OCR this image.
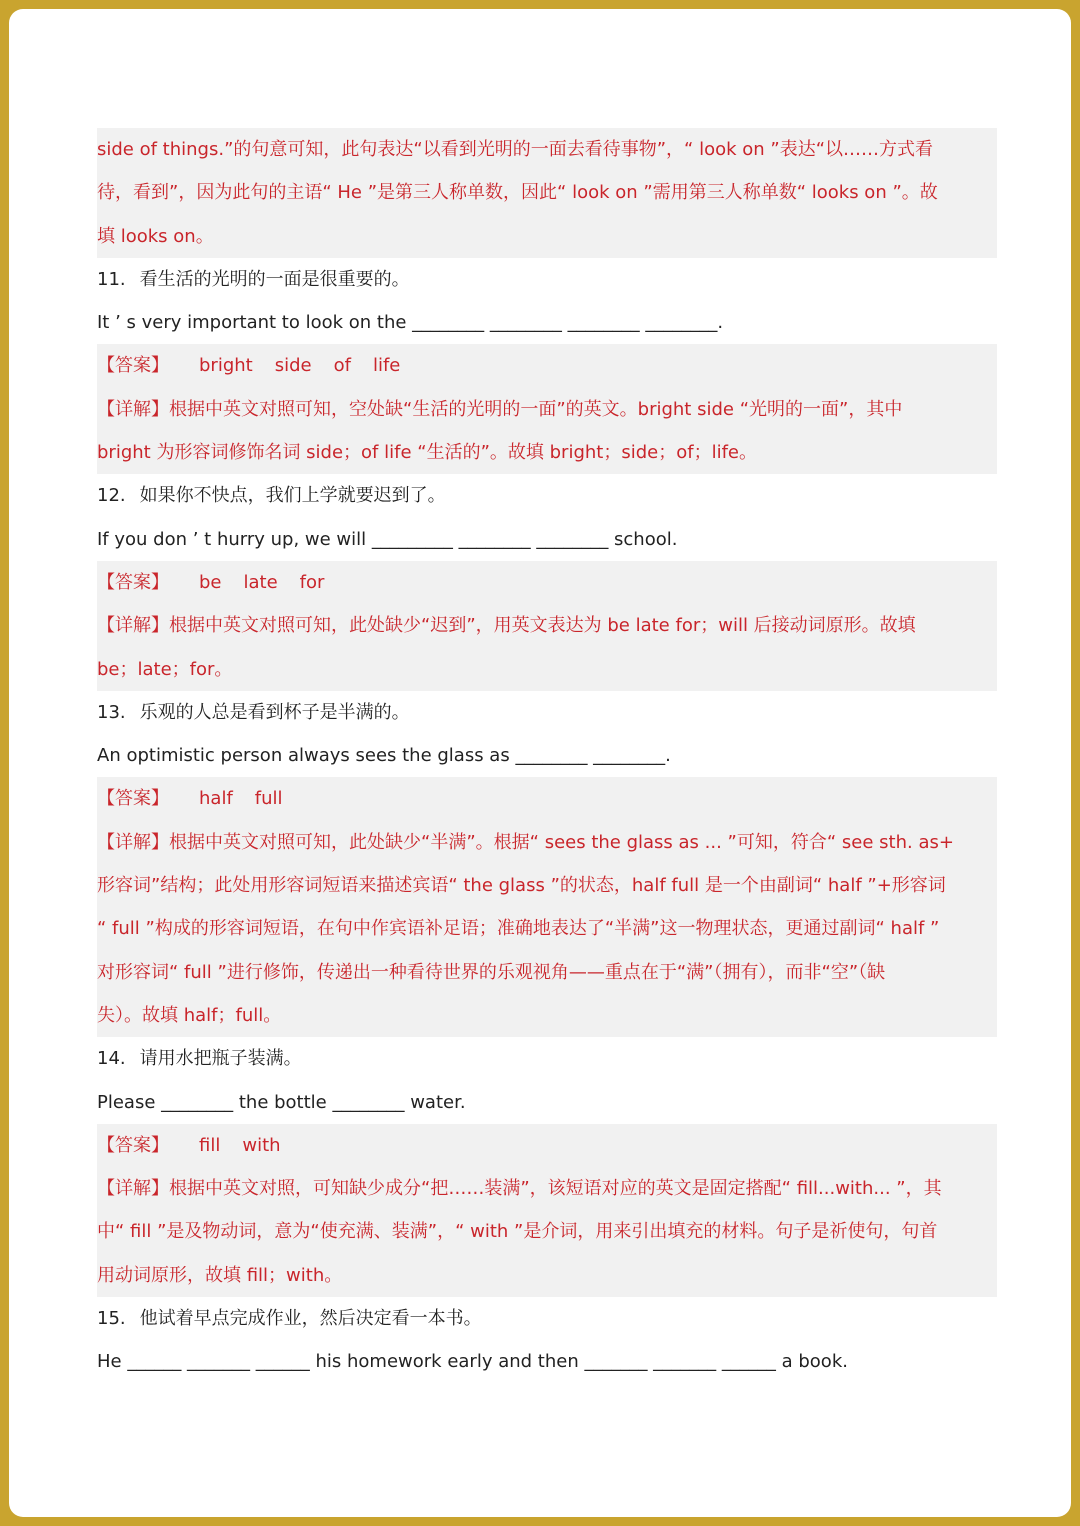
side of things.”的句意可知，此句表达“以看到光明的一面去看待事物”，“ look on ”表达“以……方式看
待，看到”，因为此句的主语“ He ”是第三人称单数，因此“ look on ”需用第三人称单数“ looks on ”。故
填 looks on。
11. 看生活的光明的一面是很重要的。
It ’ s very important to look on the ________ ________ ________ ________.
【答案】 bright side of life
【详解】根据中英文对照可知，空处缺“生活的光明的一面”的英文。bright side “光明的一面”，其中
bright 为形容词修饰名词 side；of life “生活的”。故填 bright；side；of；life。
12. 如果你不快点，我们上学就要迟到了。
If you don ’ t hurry up, we will _________ ________ ________ school.
【答案】 be late for
【详解】根据中英文对照可知，此处缺少“迟到”，用英文表达为 be late for；will 后接动词原形。故填
be；late；for。
13. 乐观的人总是看到杯子是半满的。
An optimistic person always sees the glass as ________ ________.
【答案】 half full
【详解】根据中英文对照可知，此处缺少“半满”。根据“ sees the glass as ... ”可知，符合“ see sth. as+
形容词”结构；此处用形容词短语来描述宾语“ the glass ”的状态，half full 是一个由副词“ half ”+形容词
“ full ”构成的形容词短语，在句中作宾语补足语；准确地表达了“半满”这一物理状态，更通过副词“ half ”
对形容词“ full ”进行修饰，传递出一种看待世界的乐观视角——重点在于“满”（拥有），而非“空”（缺
失）。故填 half；full。
14. 请用水把瓶子装满。
Please ________ the bottle ________ water.
【答案】 fill with
【详解】根据中英文对照，可知缺少成分“把……装满”，该短语对应的英文是固定搭配“ fill...with... ”，其
中“ fill ”是及物动词，意为“使充满、装满”，“ with ”是介词，用来引出填充的材料。句子是祈使句，句首
用动词原形，故填 fill；with。
15. 他试着早点完成作业，然后决定看一本书。
He ______ _______ ______ his homework early and then _______ _______ ______ a book.
